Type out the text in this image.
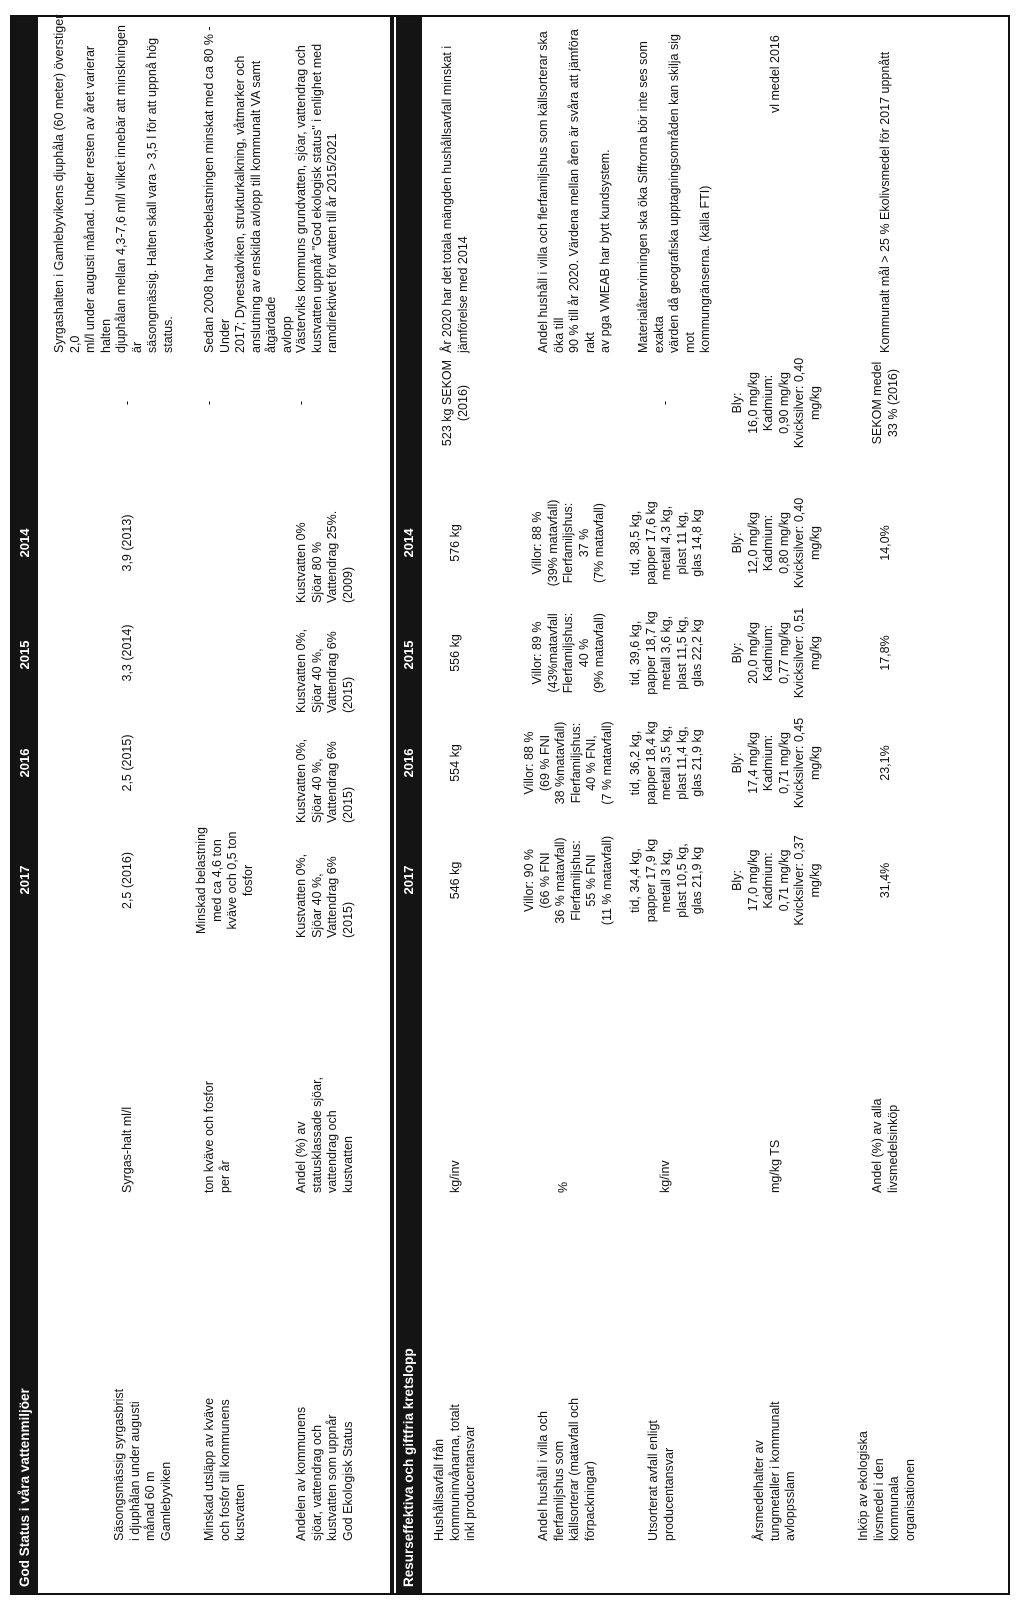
God Status i våra vattenmiljöer
2017
2016
2015
2014
Säsongsmässig syrgasbrist
i djuphålan under augusti
månad 60 m
Gamlebyviken
Syrgas-halt ml/l
2,5 (2016)
2,5 (2015)
3,3 (2014)
3,9 (2013)
-
Syrgashalten i Gamlebyvikens djuphåla (60 meter) överstiger 2,0
ml/l under augusti månad. Under resten av året varierar halten
djuphålan mellan 4,3-7,6 ml/l vilket innebär att minskningen är
säsongmässig. Halten skall vara > 3,5 l för att uppnå hög
status.
Minskad utsläpp av kväve
och fosfor till kommunens
kustvatten
ton kväve och fosfor
per år
Minskad belastning
med ca 4,6 ton
kväve och 0,5 ton
fosfor
-
Sedan 2008 har kvävebelastningen minskat med ca 80 % - Under
2017; Dynestadviken, strukturkalkning, våtmarker och
anslutning av enskilda avlopp till kommunalt VA samt åtgärdade
avlopp
Andelen av kommunens
sjöar, vattendrag och
kustvatten som uppnår
God Ekologisk Status
Andel (%) av
statusklassade sjöar,
vattendrag och
kustvatten
Kustvatten 0%,
Sjöar 40 %,
Vattendrag 6%
(2015)
Kustvatten 0%,
Sjöar 40 %,
Vattendrag 6%
(2015)
Kustvatten 0%,
Sjöar 40 %,
Vattendrag 6%
(2015)
Kustvatten 0%
Sjöar 80 %
Vattendrag 25%.
(2009)
-
Västerviks kommuns grundvatten, sjöar, vattendrag och
kustvatten uppnår "God ekologisk status" i enlighet med
ramdirektivet för vatten till år 2015/2021
Resurseffektiva och giftfria kretslopp
2017
2016
2015
2014
Hushållsavfall från
kommuninvånarna, totalt
inkl producentansvar
kg/inv
546 kg
554 kg
556 kg
576 kg
523 kg SEKOM
(2016)
År 2020 har det totala mängden hushållsavfall minskat i
jämförelse med 2014
Andel hushåll i villa och
flerfamiljshus som
källsorterar (matavfall och
förpackningar)
%
Villor: 90 %
(66 % FNI
36 % matavfall)
Flerfamiljshus:
55 % FNI
(11 % matavfall)
Villor: 88 %
(69 % FNI
38 %matavfall)
Flerfamiljshus:
40 % FNI,
(7 % matavfall)
Villor: 89 %
(43%matavfall
Flerfamiljshus:
40 %
(9% matavfall)
Villor: 88 %
(39% matavfall)
Flerfamiljshus:
37 %
(7% matavfall)
Andel hushåll i villa och flerfamiljshus som källsorterar ska öka till
90 % till år 2020. Värdena mellan åren är svåra att jämföra rakt
av pga VMEAB har bytt kundsystem.
Utsorterat avfall enligt
producentansvar
kg/inv
tid, 34,4 kg,
papper 17,9 kg
metall 3 kg,
plast 10,5 kg,
glas 21,9 kg
tid, 36,2 kg,
papper 18,4 kg
metall 3,5 kg,
plast 11,4 kg,
glas 21,9 kg
tid, 39,6 kg,
papper 18,7 kg
metall 3,6 kg,
plast 11,5 kg,
glas 22,2 kg
tid, 38,5 kg,
papper 17,6 kg
metall 4,3 kg,
plast 11 kg,
glas 14,8 kg
-
Materialåtervinningen ska öka Siffrorna bör inte ses som exakta
värden då geografiska upptagningsområden kan skilja sig mot
kommungränserna. (källa FTI)
Årsmedelhalter av
tungmetaller i kommunalt
avloppsslam
mg/kg TS
Bly:
17,0 mg/kg
Kadmium:
0,71 mg/kg
Kvicksilver: 0,37
mg/kg
Bly:
17,4 mg/kg
Kadmium:
0,71 mg/kg
Kvicksilver: 0,45
mg/kg
Bly:
20,0 mg/kg
Kadmium:
0,77 mg/kg
Kvicksilver: 0,51
mg/kg
Bly:
12,0 mg/kg
Kadmium:
0,80 mg/kg
Kvicksilver: 0,40
mg/kg
Bly:
16,0 mg/kg
Kadmium:
0,90 mg/kg
Kvicksilver: 0,40
mg/kg
vl medel 2016
Inköp av ekologiska
livsmedel i den
kommunala
organisationen
Andel (%) av alla
livsmedelsinköp
31,4%
23,1%
17,8%
14,0%
SEKOM medel
33 % (2016)
Kommunalt mål > 25 % Ekolivsmedel för 2017 uppnått
